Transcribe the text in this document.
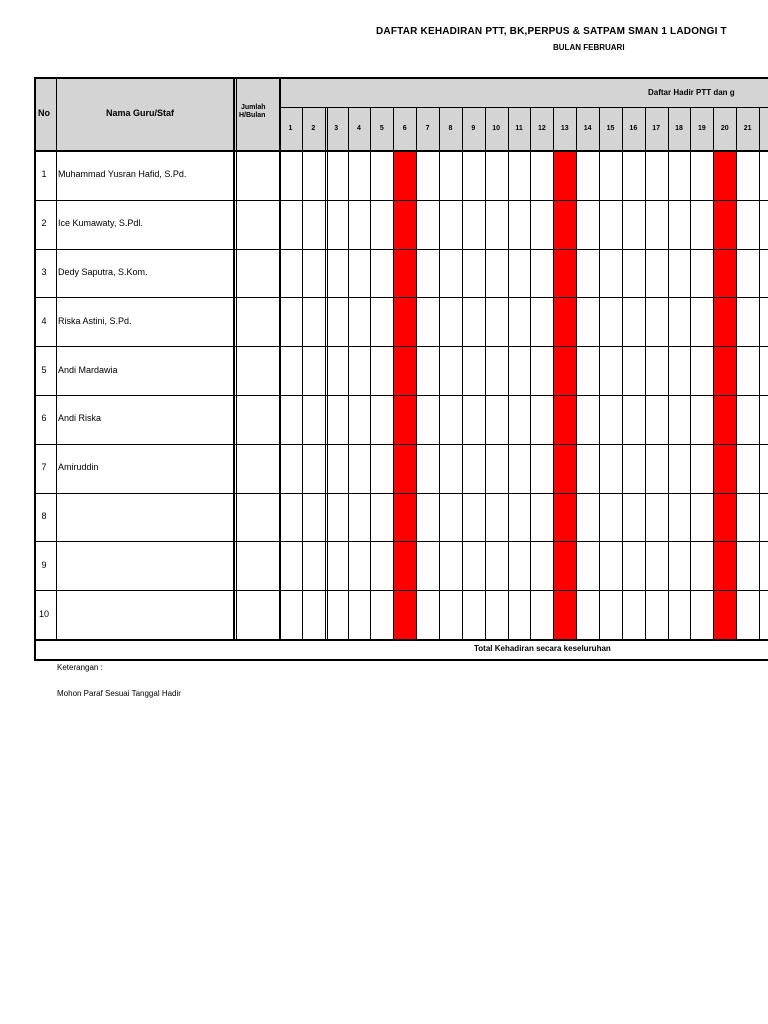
DAFTAR KEHADIRAN PTT, BK,PERPUS & SATPAM SMAN 1 LADONGI T
BULAN FEBRUARI
No	Nama Guru/Staf
Jumlah
H/Bulan
Daftar Hadir PTT dan g
1	2	3	4	5	6	7	8	9	10	11	12	13	14	15	16	17	18	19	20	21
1	Muhammad Yusran Hafid, S.Pd.
2	Ice Kumawaty, S.Pdl.
3	Dedy Saputra, S.Kom.
4	Riska Astini, S.Pd.
5	Andi Mardawia
6	Andi Riska
7	Amiruddin
8
9
10
Total Kehadiran secara keseluruhan
Keterangan :
Mohon Paraf Sesuai Tanggal Hadir
